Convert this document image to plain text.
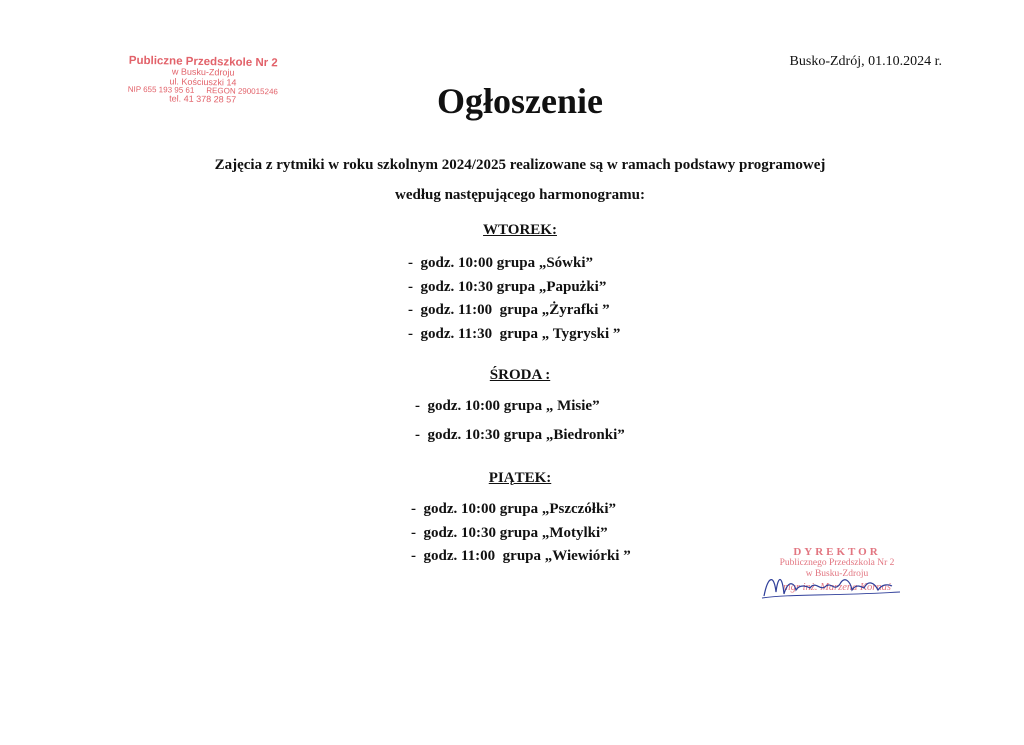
Publiczne Przedszkole Nr 2
w Busku-Zdroju
ul. Kościuszki 14
NIP 655 193 95 61 REGON 290015246
tel. 41 378 28 57
Busko-Zdrój, 01.10.2024 r.
Ogłoszenie
Zajęcia z rytmiki w roku szkolnym 2024/2025 realizowane są w ramach podstawy programowej
według następującego harmonogramu:
WTOREK:
-  godz. 10:00 grupa „Sówki”
-  godz. 10:30 grupa „Papużki”
-  godz. 11:00  grupa „Żyrafki ”
-  godz. 11:30  grupa „ Tygryski ”
ŚRODA :
-  godz. 10:00 grupa „ Misie”
-  godz. 10:30 grupa „Biedronki”
PIĄTEK:
-  godz. 10:00 grupa „Pszczółki”
-  godz. 10:30 grupa „Motylki”
-  godz. 11:00  grupa „Wiewiórki ”	DYREKTOR
Publicznego Przedszkola Nr 2
w Busku-Zdroju
mgr inż. Marzena Kornaś
